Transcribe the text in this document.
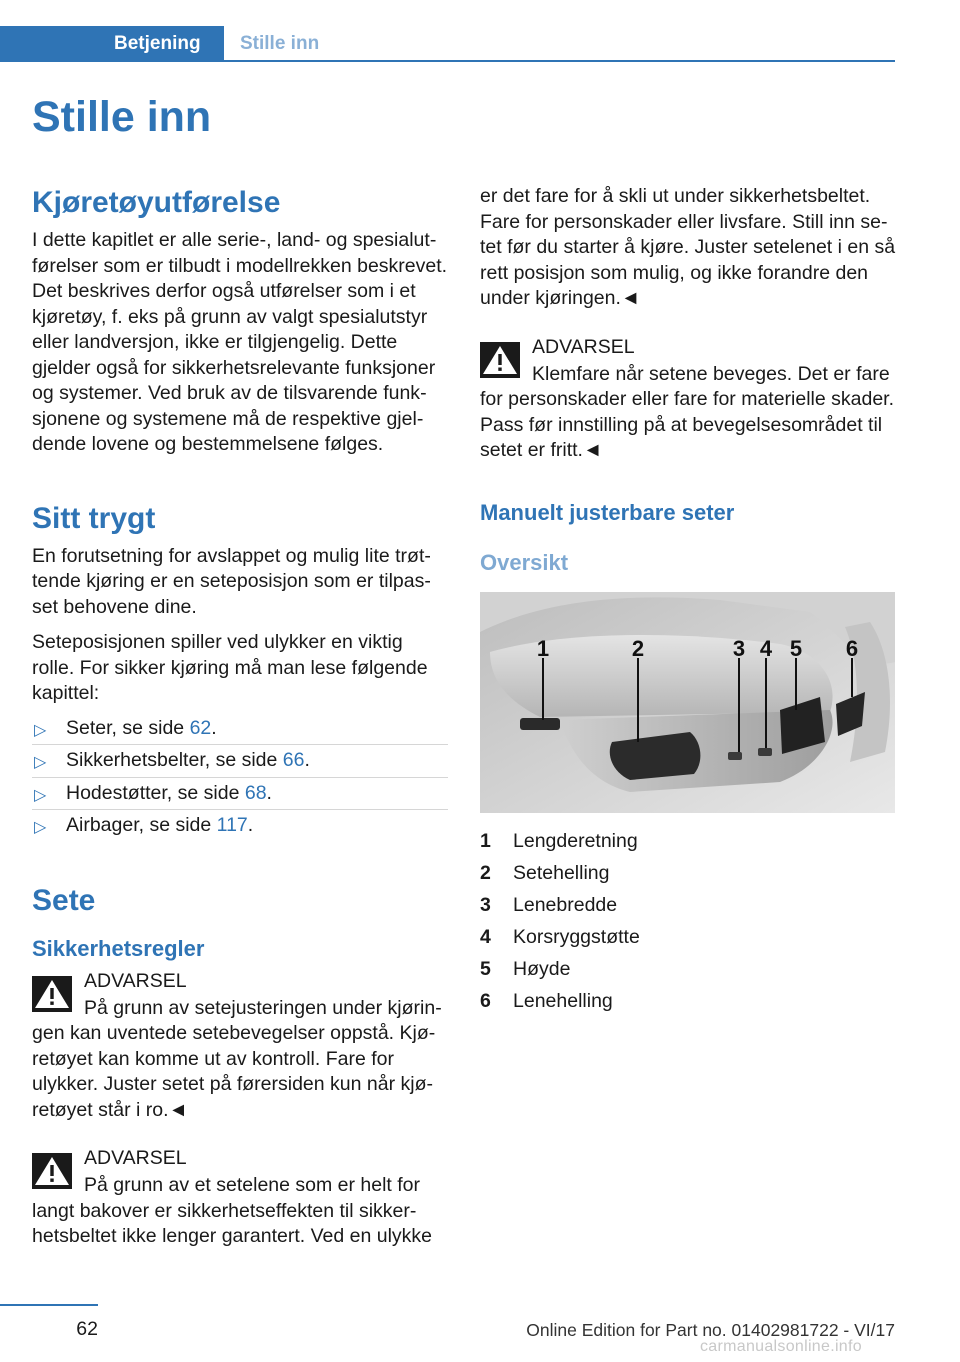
Betjening	Stille inn
Stille inn
Kjøretøyutførelse

I dette kapitlet er alle serie-, land- og spesialutførelser som er tilbudt i modellrekken beskrevet. Det beskrives derfor også utførelser som i et kjøretøy, f. eks på grunn av valgt spesialutstyr eller landversjon, ikke er tilgjengelig. Dette gjelder også for sikkerhetsrelevante funksjoner og systemer. Ved bruk av de tilsvarende funksjonene og systemene må de respektive gjeldende lovene og bestemmelsene følges.

Sitt trygt

En forutsetning for avslappet og mulig lite trøttende kjøring er en seteposisjon som er tilpasset behovene dine.

Seteposisjonen spiller ved ulykker en viktig rolle. For sikker kjøring må man lese følgende kapittel:

▷ Seter, se side 62.
▷ Sikkerhetsbelter, se side 66.
▷ Hodestøtter, se side 68.
▷ Airbager, se side 117.
Sete
Sikkerhetsregler

ADVARSEL

På grunn av setejusteringen under kjøringen kan uventede setebevegelser oppstå. Kjøretøyet kan komme ut av kontroll. Fare for ulykker. Juster setet på førersiden kun når kjøretøyet står i ro.◄

ADVARSEL

På grunn av et setelene som er helt for langt bakover er sikkerhetseffekten til sikkerhetsbeltet ikke lenger garantert. Ved en ulykke

er det fare for å skli ut under sikkerhetsbeltet. Fare for personskader eller livsfare. Still inn setet før du starter å kjøre. Juster setelenet i en så rett posisjon som mulig, og ikke forandre den under kjøringen.◄

ADVARSEL

Klemfare når setene beveges. Det er fare for personskader eller fare for materielle skader. Pass før innstilling på at bevegelsesområdet til setet er fritt.◄

Manuelt justerbare seter
Oversikt
1	2	3 4 5 6
1	Lengderetning
2	Setehelling
3	Lenebredde
4	Korsryggstøtte
5	Høyde
6	Lenehelling
62	Online Edition for Part no. 01402981722 - VI/17
carmanualsonline.info
